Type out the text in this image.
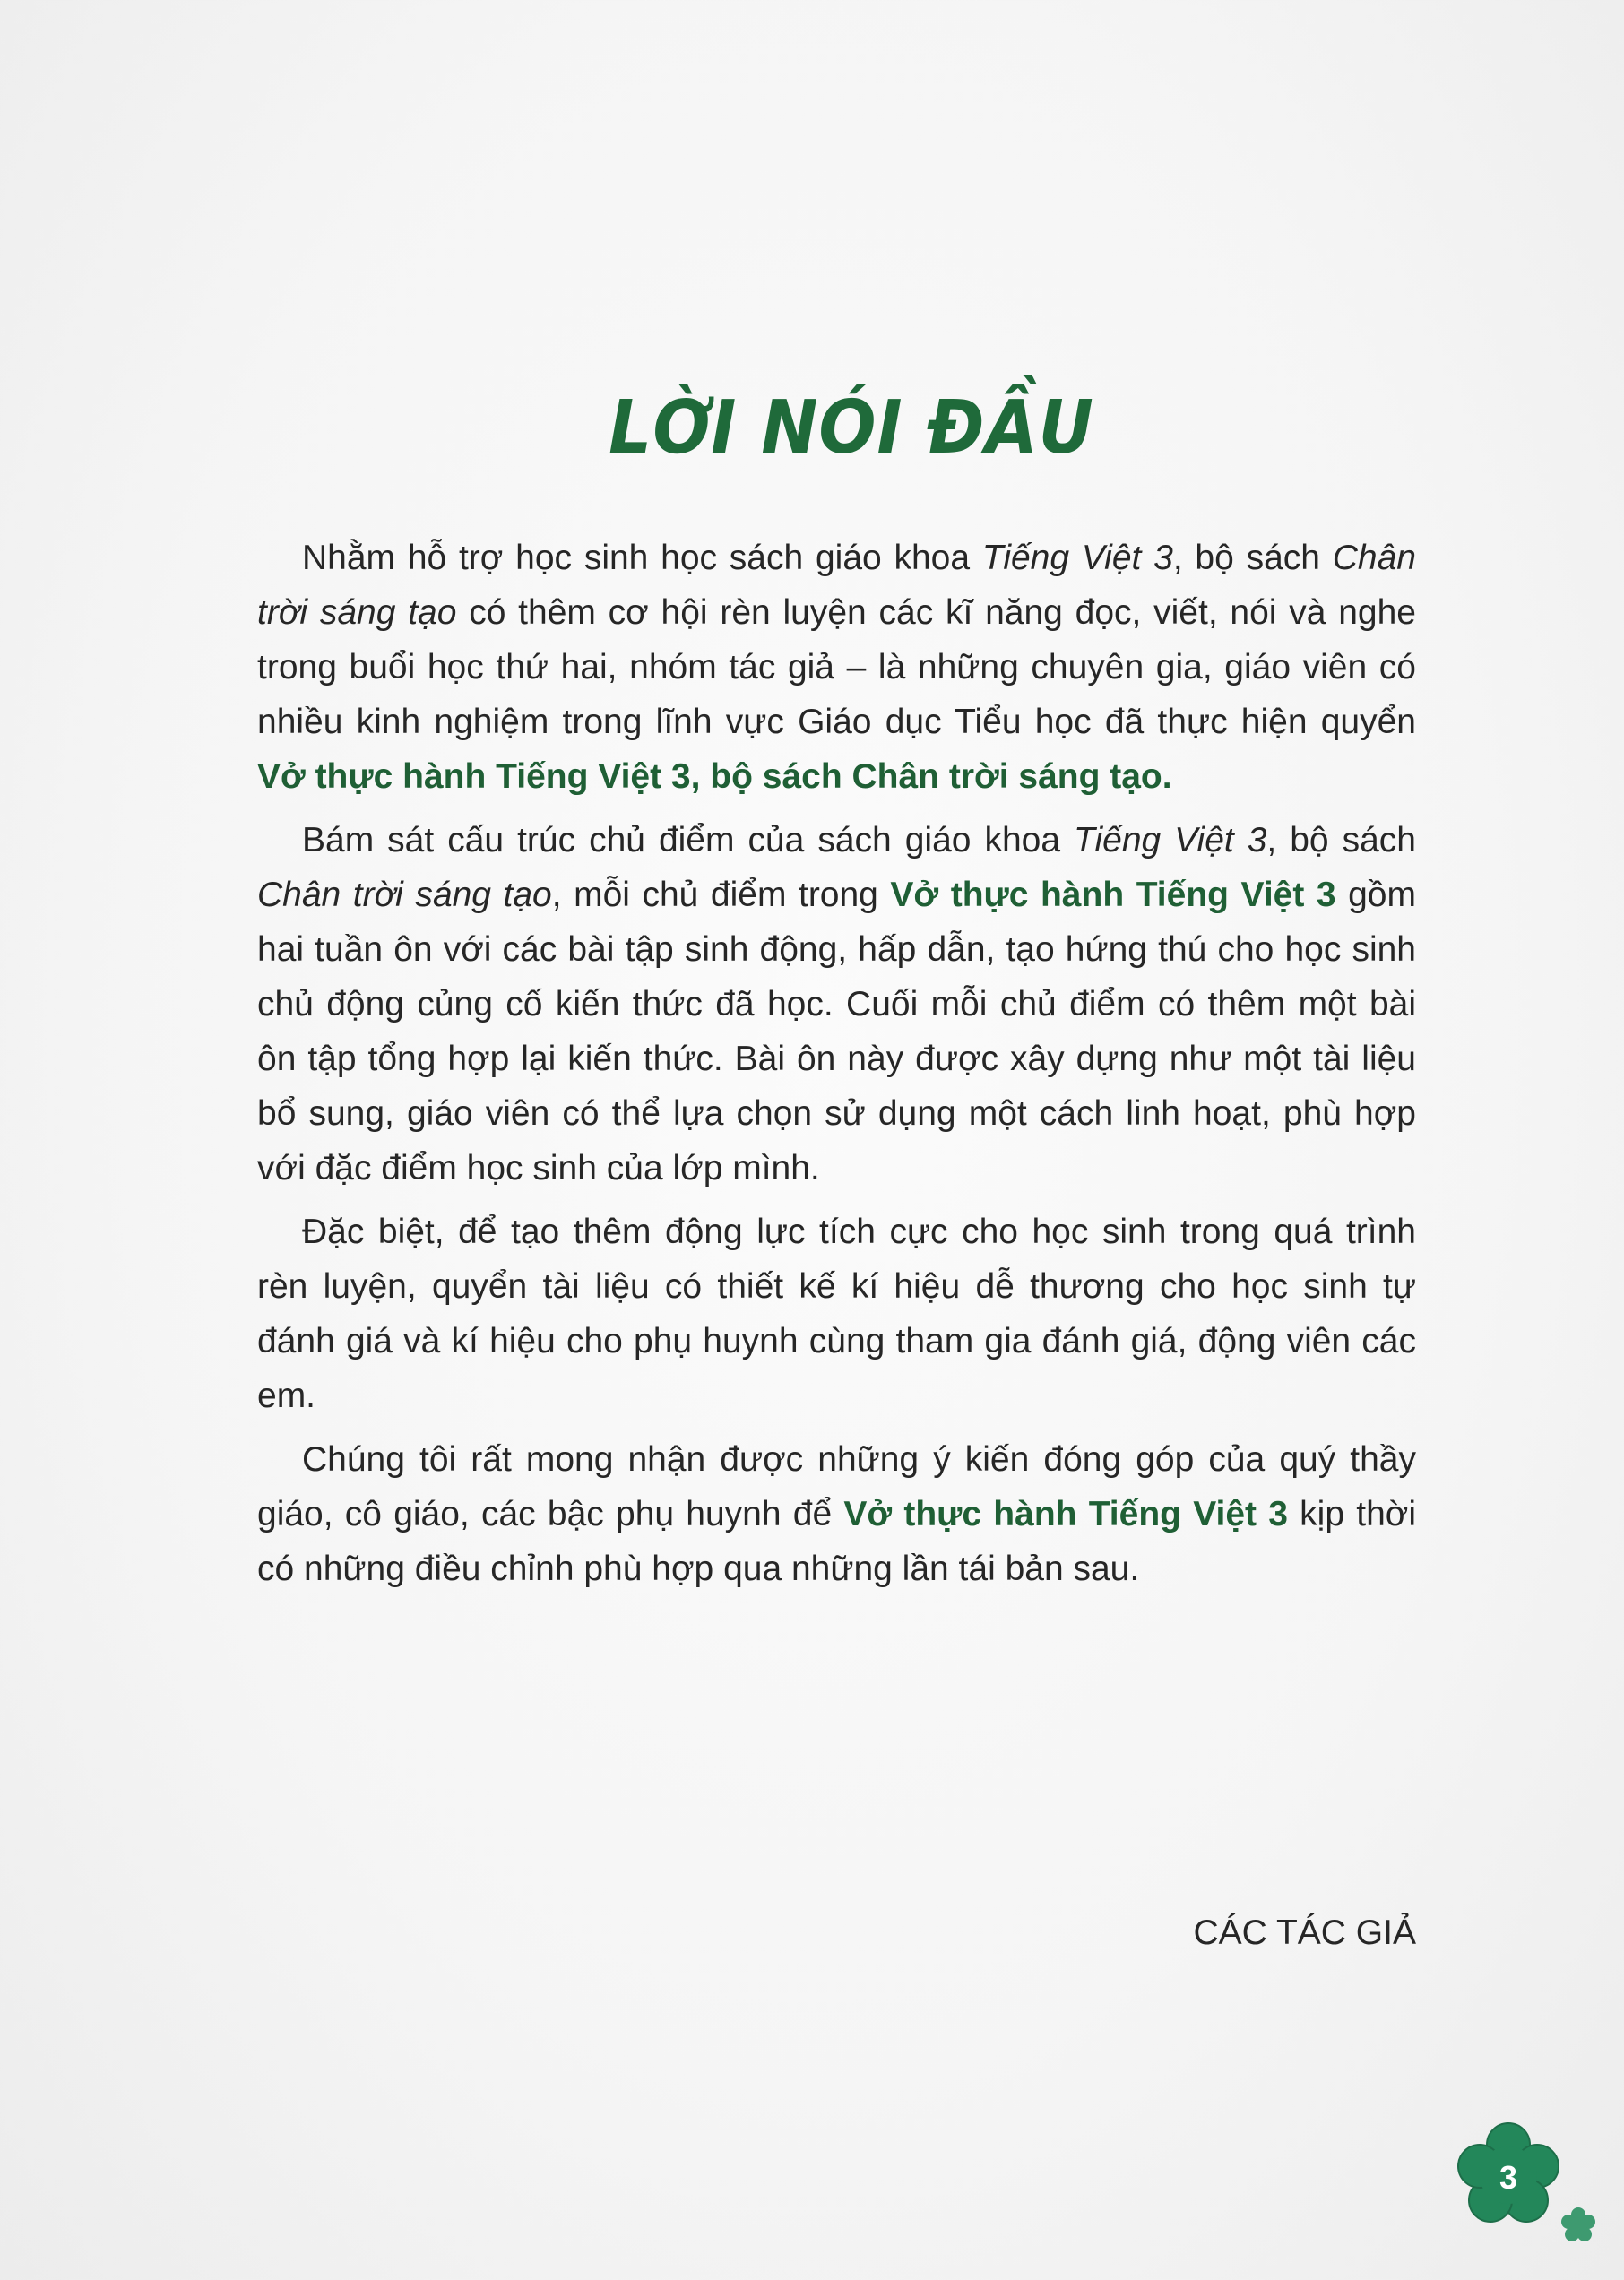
LỜI NÓI ĐẦU

Nhằm hỗ trợ học sinh học sách giáo khoa Tiếng Việt 3, bộ sách Chân trời sáng tạo có thêm cơ hội rèn luyện các kĩ năng đọc, viết, nói và nghe trong buổi học thứ hai, nhóm tác giả – là những chuyên gia, giáo viên có nhiều kinh nghiệm trong lĩnh vực Giáo dục Tiểu học đã thực hiện quyển Vở thực hành Tiếng Việt 3, bộ sách Chân trời sáng tạo.

Bám sát cấu trúc chủ điểm của sách giáo khoa Tiếng Việt 3, bộ sách Chân trời sáng tạo, mỗi chủ điểm trong Vở thực hành Tiếng Việt 3 gồm hai tuần ôn với các bài tập sinh động, hấp dẫn, tạo hứng thú cho học sinh chủ động củng cố kiến thức đã học. Cuối mỗi chủ điểm có thêm một bài ôn tập tổng hợp lại kiến thức. Bài ôn này được xây dựng như một tài liệu bổ sung, giáo viên có thể lựa chọn sử dụng một cách linh hoạt, phù hợp với đặc điểm học sinh của lớp mình.

Đặc biệt, để tạo thêm động lực tích cực cho học sinh trong quá trình rèn luyện, quyển tài liệu có thiết kế kí hiệu dễ thương cho học sinh tự đánh giá và kí hiệu cho phụ huynh cùng tham gia đánh giá, động viên các em.

Chúng tôi rất mong nhận được những ý kiến đóng góp của quý thầy giáo, cô giáo, các bậc phụ huynh để Vở thực hành Tiếng Việt 3 kịp thời có những điều chỉnh phù hợp qua những lần tái bản sau.

CÁC TÁC GIẢ
3
